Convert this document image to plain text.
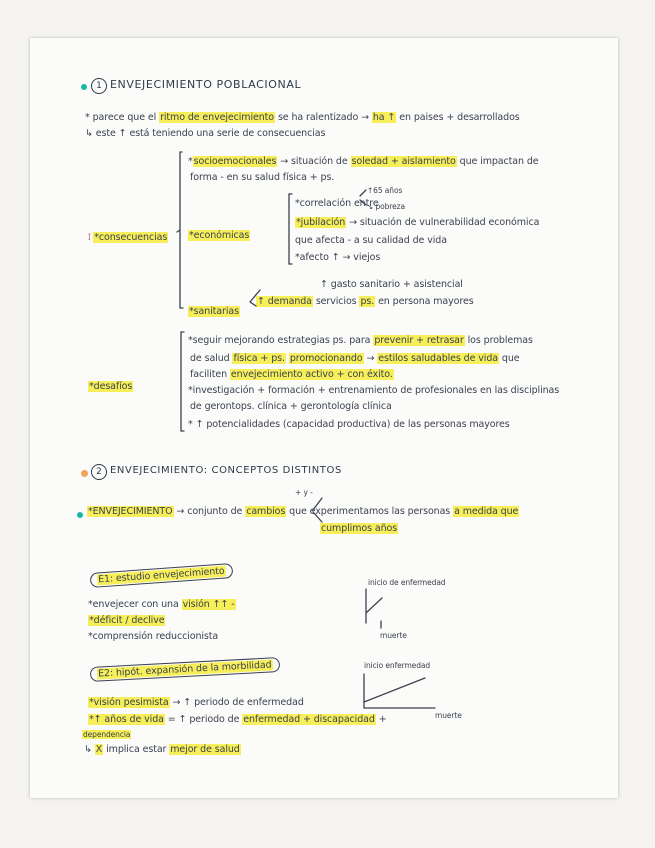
1 ENVEJECIMIENTO POBLACIONAL
* parece que el ritmo de envejecimiento se ha ralentizado → ha ↑ en paises + desarrollados
↳ este ↑ está teniendo una serie de consecuencias
𝔩 *consecuencias
*socioemocionales → situación de soledad + aislamiento que impactan de
forma - en su salud física + ps.
*económicas
↑65 años
*correlación entre
↘ pobreza
*jubilación → situación de vulnerabilidad económica
que afecta - a su calidad de vida
*afecto ↑ → viejos
↑ gasto sanitario + asistencial
*sanitarias
↑ demanda servicios ps. en persona mayores
*desafíos
*seguir mejorando estrategias ps. para prevenir + retrasar los problemas
de salud física + ps. promocionando → estilos saludables de vida que
faciliten envejecimiento activo + con éxito.
*investigación + formación + entrenamiento de profesionales en las disciplinas
de gerontops. clínica + gerontología clínica
* ↑ potencialidades (capacidad productiva) de las personas mayores
2 ENVEJECIMIENTO: CONCEPTOS DISTINTOS
*ENVEJECIMIENTO → conjunto de cambios que experimentamos las personas a medida que
+ y -
cumplimos años
E1: estudio envejecimiento
*envejecer con una visión ↑↑ -
*déficit / declive
*comprensión reduccionista
inicio de enfermedad
muerte
E2: hipót. expansión de la morbilidad	inicio enfermedad
muerte
*visión pesimista → ↑ periodo de enfermedad
*↑ años de vida = ↑ periodo de enfermedad + discapacidad +
dependencia
↳ X implica estar mejor de salud
